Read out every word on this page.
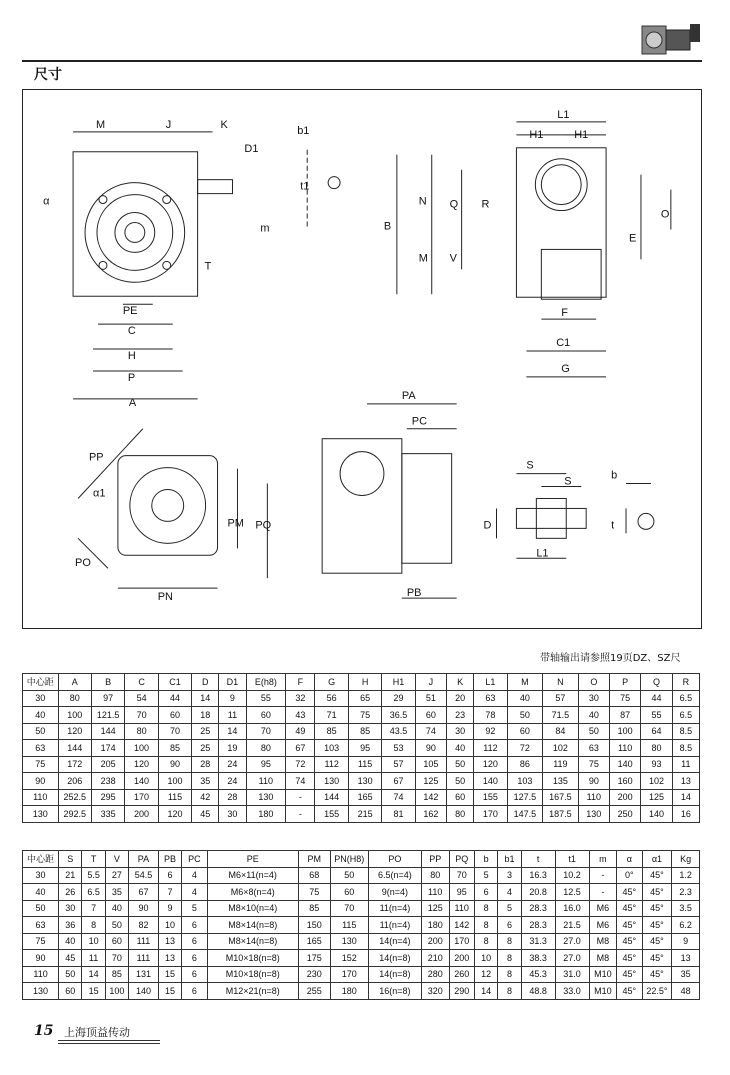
尺寸
M	J	K
D1
m
α
T
PE
C
H
P
A
b1
t1
L1
H1	H1
B
N Q R
O
E
M V
F
C1
G
PP
α1
PM PQ
PO
PN
PA
PC
PB
S
S
D
L1
b
t
带轴输出请参照19页DZ、SZ尺
中心距	A	B	C	C1	D	D1	E(h8)	F	G	H	H1	J	K	L1	M	N	O	P	Q	R
30	80	97	54	44	14	9	55	32	56	65	29	51	20	63	40	57	30	75	44	6.5
40	100	121.5	70	60	18	11	60	43	71	75	36.5	60	23	78	50	71.5	40	87	55	6.5
50	120	144	80	70	25	14	70	49	85	85	43.5	74	30	92	60	84	50	100	64	8.5
63	144	174	100	85	25	19	80	67	103	95	53	90	40	112	72	102	63	110	80	8.5
75	172	205	120	90	28	24	95	72	112	115	57	105	50	120	86	119	75	140	93	11
90	206	238	140	100	35	24	110	74	130	130	67	125	50	140	103	135	90	160	102	13
110	252.5	295	170	115	42	28	130	-	144	165	74	142	60	155	127.5	167.5	110	200	125	14
130	292.5	335	200	120	45	30	180	-	155	215	81	162	80	170	147.5	187.5	130	250	140	16
中心距	S	T	V	PA	PB	PC	PE	PM	PN(H8)	PO	PP	PQ	b	b1	t	t1	m	α	α1	Kg
30	21	5.5	27	54.5	6	4	M6×11(n=4)	68	50	6.5(n=4)	80	70	5	3	16.3	10.2	-	0°	45°	1.2
40	26	6.5	35	67	7	4	M6×8(n=4)	75	60	9(n=4)	110	95	6	4	20.8	12.5	-	45°	45°	2.3
50	30	7	40	90	9	5	M8×10(n=4)	85	70	11(n=4)	125	110	8	5	28.3	16.0	M6	45°	45°	3.5
63	36	8	50	82	10	6	M8×14(n=8)	150	115	11(n=4)	180	142	8	6	28.3	21.5	M6	45°	45°	6.2
75	40	10	60	111	13	6	M8×14(n=8)	165	130	14(n=4)	200	170	8	8	31.3	27.0	M8	45°	45°	9
90	45	11	70	111	13	6	M10×18(n=8)	175	152	14(n=8)	210	200	10	8	38.3	27.0	M8	45°	45°	13
110	50	14	85	131	15	6	M10×18(n=8)	230	170	14(n=8)	280	260	12	8	45.3	31.0	M10	45°	45°	35
130	60	15	100	140	15	6	M12×21(n=8)	255	180	16(n=8)	320	290	14	8	48.8	33.0	M10	45°	22.5°	48
15 上海顶益传动
